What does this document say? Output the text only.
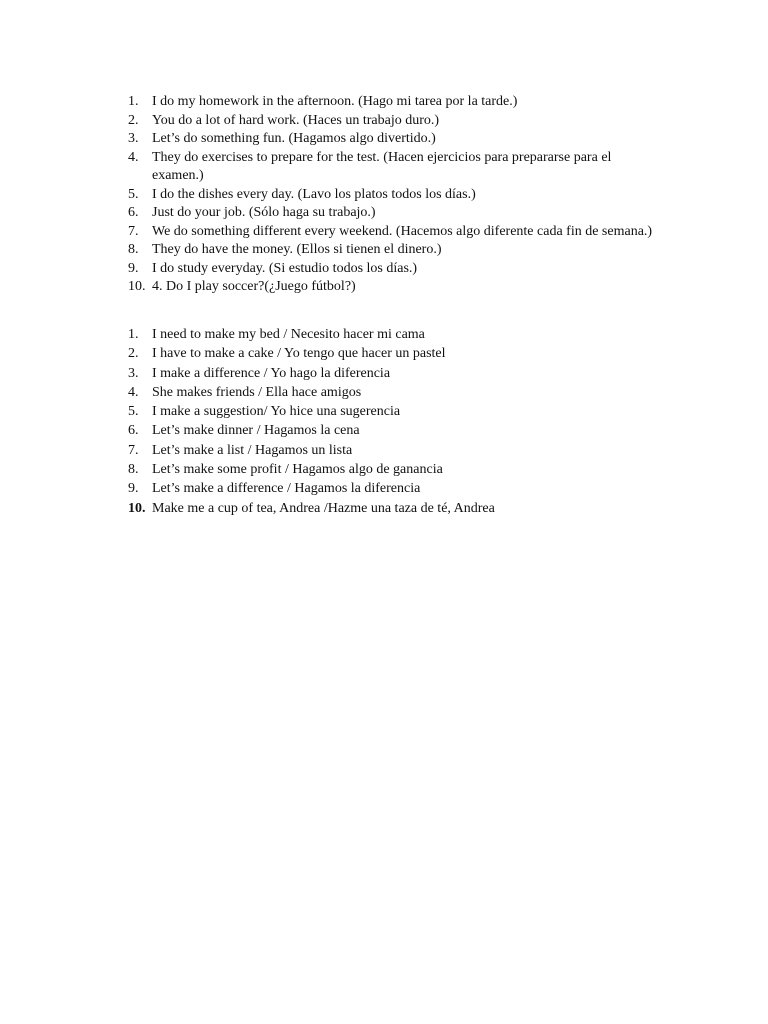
1. I do my homework in the afternoon. (Hago mi tarea por la tarde.)
2. You do a lot of hard work. (Haces un trabajo duro.)
3. Let’s do something fun. (Hagamos algo divertido.)
4. They do exercises to prepare for the test. (Hacen ejercicios para prepararse para el examen.)
5. I do the dishes every day. (Lavo los platos todos los días.)
6. Just do your job. (Sólo haga su trabajo.)
7. We do something different every weekend. (Hacemos algo diferente cada fin de semana.)
8. They do have the money. (Ellos si tienen el dinero.)
9. I do study everyday. (Si estudio todos los días.)
10. 4. Do I play soccer?(¿Juego fútbol?)
1. I need to make my bed / Necesito hacer mi cama
2. I have to make a cake / Yo tengo que hacer un pastel
3. I make a difference / Yo hago la diferencia
4. She makes friends / Ella hace amigos
5. I make a suggestion/ Yo hice una sugerencia
6. Let’s make dinner / Hagamos la cena
7. Let’s make a list / Hagamos un lista
8. Let’s make some profit / Hagamos algo de ganancia
9. Let’s make a difference / Hagamos la diferencia
10. Make me a cup of tea, Andrea /Hazme una taza de té, Andrea
